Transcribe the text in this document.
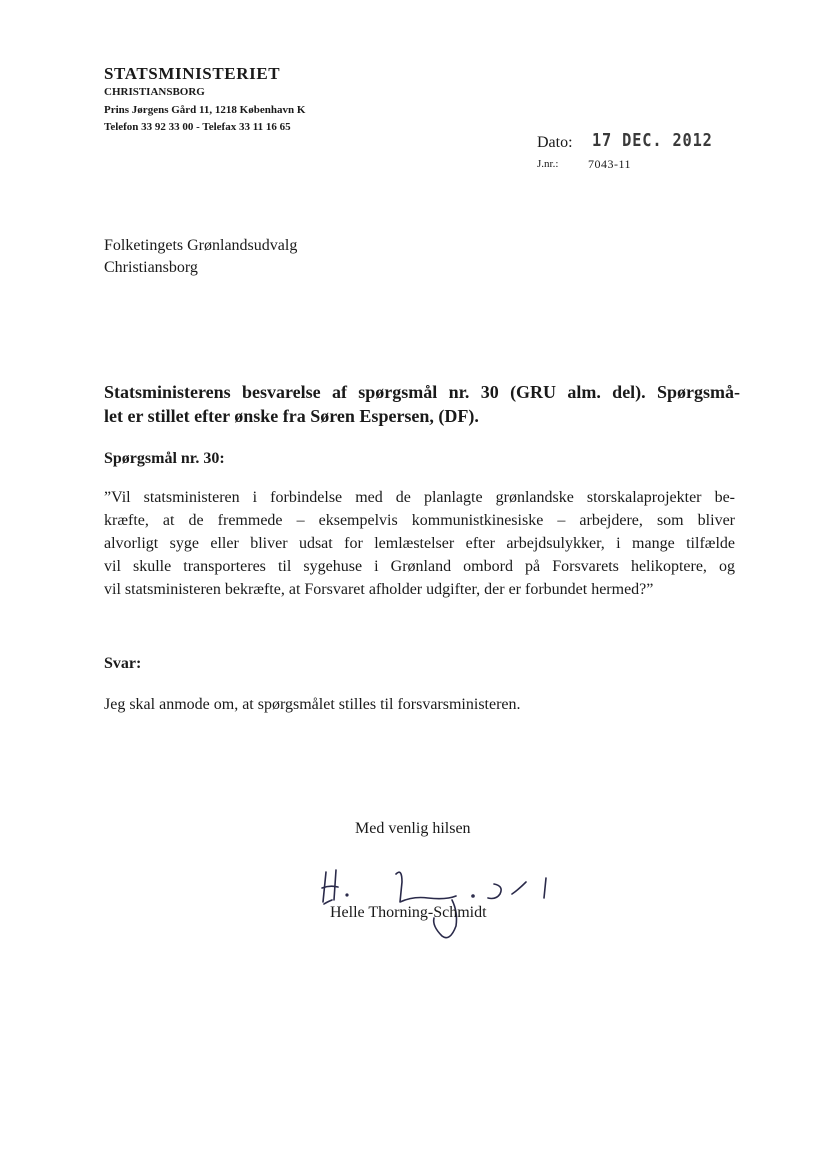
STATSMINISTERIET
CHRISTIANSBORG
Prins Jørgens Gård 11, 1218 København K
Telefon 33 92 33 00 - Telefax 33 11 16 65
Dato: 17 DEC. 2012
J.nr.: 7043-11
Folketingets Grønlandsudvalg
Christiansborg
Statsministerens besvarelse af spørgsmål nr. 30 (GRU alm. del). Spørgsmå-
let er stillet efter ønske fra Søren Espersen, (DF).
Spørgsmål nr. 30:
”Vil statsministeren i forbindelse med de planlagte grønlandske storskalaprojekter be-
kræfte, at de fremmede – eksempelvis kommunistkinesiske – arbejdere, som bliver
alvorligt syge eller bliver udsat for lemlæstelser efter arbejdsulykker, i mange tilfælde
vil skulle transporteres til sygehuse i Grønland ombord på Forsvarets helikoptere, og
vil statsministeren bekræfte, at Forsvaret afholder udgifter, der er forbundet hermed?”
Svar:
Jeg skal anmode om, at spørgsmålet stilles til forsvarsministeren.
Med venlig hilsen
Helle Thorning-Schmidt
